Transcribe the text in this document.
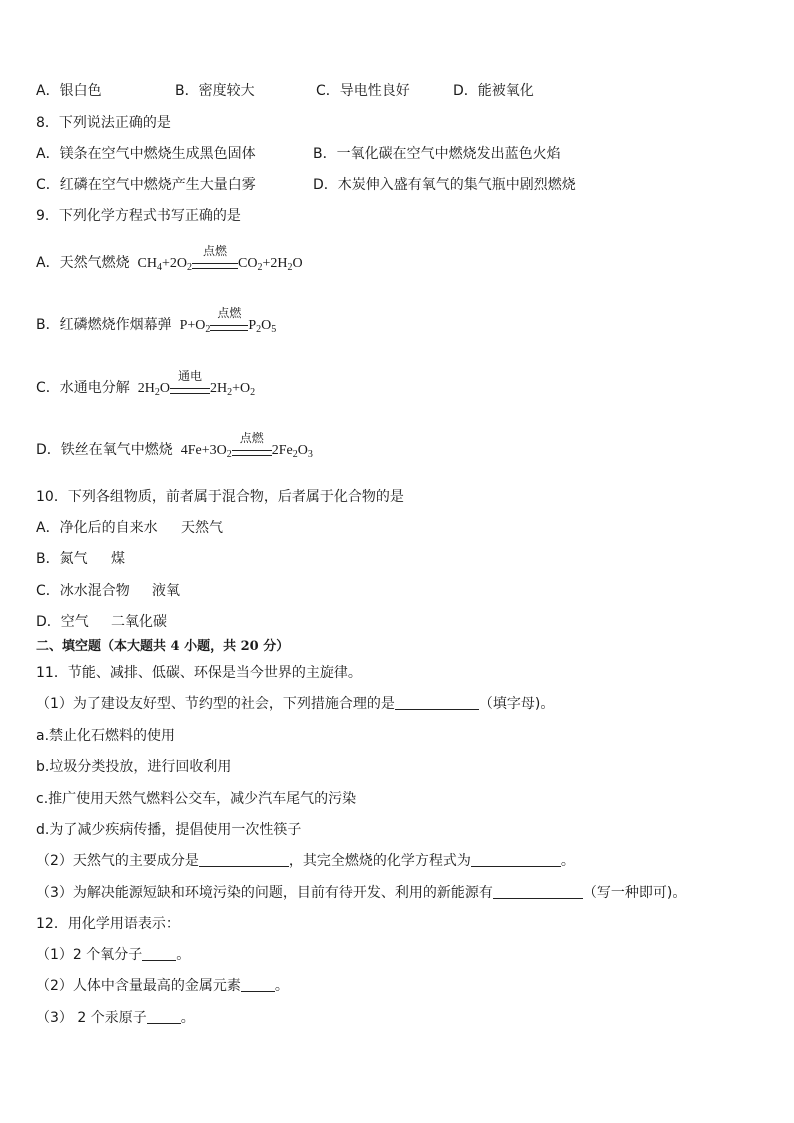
A．银白色	B．密度较大	C．导电性良好	D．能被氧化
8．下列说法正确的是
A．镁条在空气中燃烧生成黑色固体	B．一氧化碳在空气中燃烧发出蓝色火焰
C．红磷在空气中燃烧产生大量白雾	D．木炭伸入盛有氧气的集气瓶中剧烈燃烧
9．下列化学方程式书写正确的是
A．天然气燃烧  $CH_4+2O_2$
点燃
$CO_2+2H_2O$
B．红磷燃烧作烟幕弹  $P+O_2$
点燃
$P_2O_5$
C．水通电分解  $2H_2O$
通电
$2H_2+O_2$
D．铁丝在氧气中燃烧  $4Fe+3O_2$
点燃
$2Fe_2O_3$
10．下列各组物质，前者属于混合物，后者属于化合物的是
A．净化后的自来水 天然气
B．氮气 煤
C．冰水混合物 液氧
D．空气 二氧化碳
二、填空题（本大题共 4 小题，共 20 分）
11．节能、减排、低碳、环保是当今世界的主旋律。
（1）为了建设友好型、节约型的社会，下列措施合理的是	（填字母)。
a.禁止化石燃料的使用
b.垃圾分类投放，进行回收利用
c.推广使用天然气燃料公交车，减少汽车尾气的污染
d.为了减少疾病传播，提倡使用一次性筷子
（2）天然气的主要成分是	，其完全燃烧的化学方程式为	。
（3）为解决能源短缺和环境污染的问题，目前有待开发、利用的新能源有	（写一种即可)。
12．用化学用语表示：
（1）2 个氧分子 。
（2）人体中含量最高的金属元素 。
（3） 2 个汞原子 。
